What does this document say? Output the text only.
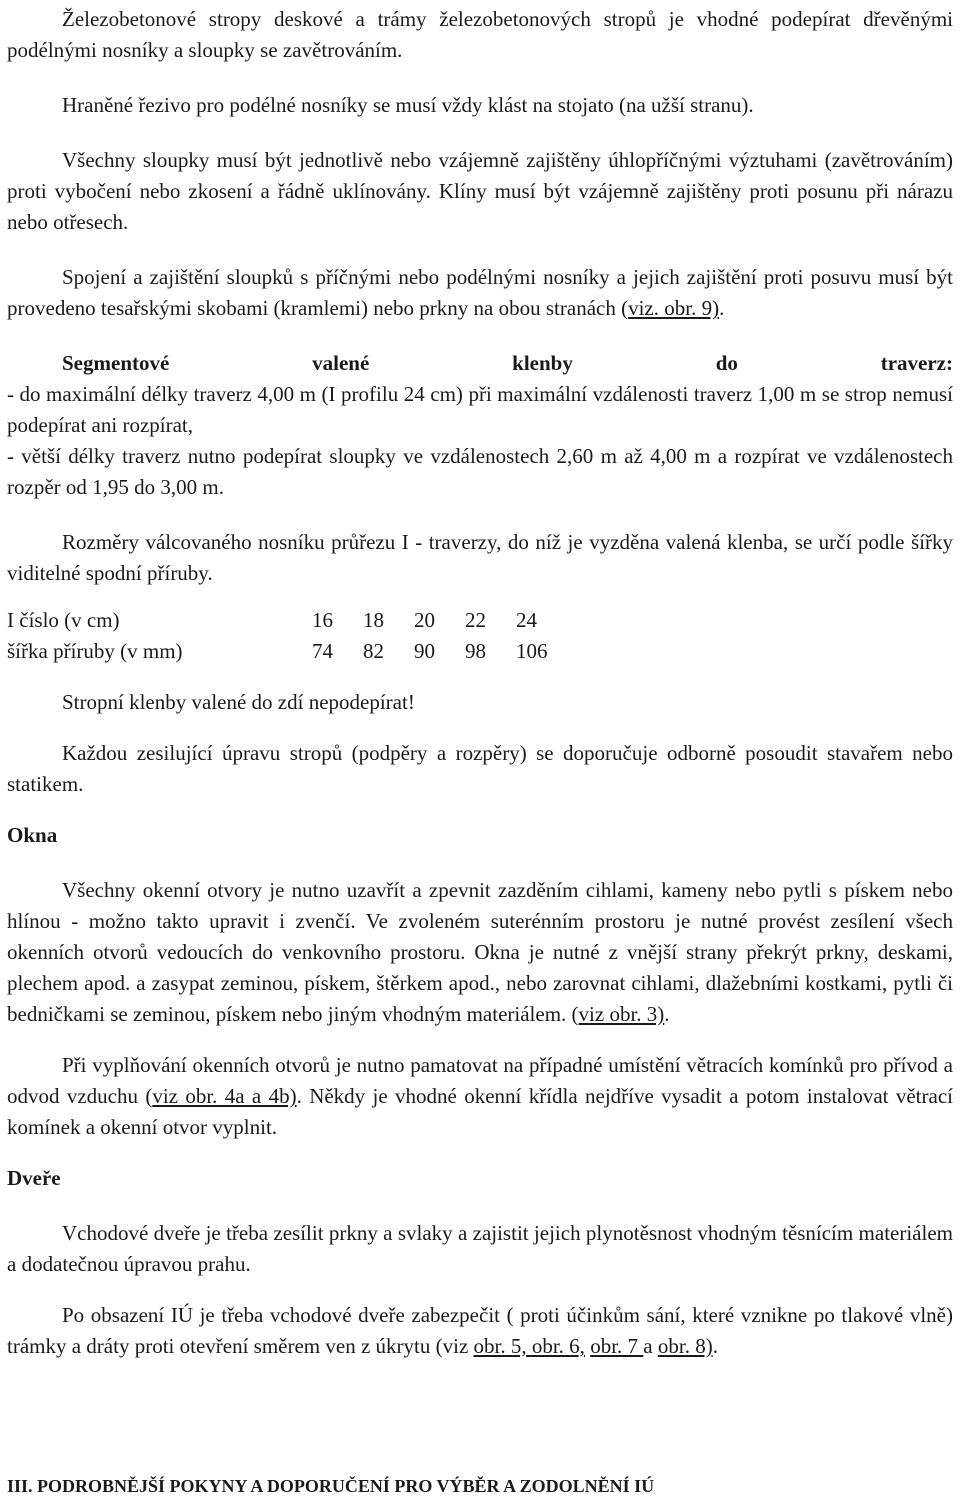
Železobetonové stropy deskové a trámy železobetonových stropů je vhodné podepírat dřevěnými podélnými nosníky a sloupky se zavětrováním.

Hraněné řezivo pro podélné nosníky se musí vždy klást na stojato (na užší stranu).

Všechny sloupky musí být jednotlivě nebo vzájemně zajištěny úhlopříčnými výztuhami (zavětrováním) proti vybočení nebo zkosení a řádně uklínovány. Klíny musí být vzájemně zajištěny proti posunu při nárazu nebo otřesech.

Spojení a zajištění sloupků s příčnými nebo podélnými nosníky a jejich zajištění proti posuvu musí být provedeno tesařskými skobami (kramlemi) nebo prkny na obou stranách (viz. obr. 9).

Segmentové valené klenby do traverz:

- do maximální délky traverz 4,00 m (I profilu 24 cm) při maximální vzdálenosti traverz 1,00 m se strop nemusí podepírat ani rozpírat,

- větší délky traverz nutno podepírat sloupky ve vzdálenostech 2,60 m až 4,00 m a rozpírat ve vzdálenostech rozpěr od 1,95 do 3,00 m.

Rozměry válcovaného nosníku průřezu I - traverzy, do níž je vyzděna valená klenba, se určí podle šířky viditelné spodní příruby.

I číslo (v cm)	16	18	20	22	24
šířka příruby (v mm)	74	82	90	98	106

Stropní klenby valené do zdí nepodepírat!

Každou zesilující úpravu stropů (podpěry a rozpěry) se doporučuje odborně posoudit stavařem nebo statikem.

Okna

Všechny okenní otvory je nutno uzavřít a zpevnit zazděním cihlami, kameny nebo pytli s pískem nebo hlínou - možno takto upravit i zvenčí. Ve zvoleném suterénním prostoru je nutné provést zesílení všech okenních otvorů vedoucích do venkovního prostoru. Okna je nutné z vnější strany překrýt prkny, deskami, plechem apod. a zasypat zeminou, pískem, štěrkem apod., nebo zarovnat cihlami, dlažebními kostkami, pytli či bedničkami se zeminou, pískem nebo jiným vhodným materiálem. (viz obr. 3).

Při vyplňování okenních otvorů je nutno pamatovat na případné umístění větracích komínků pro přívod a odvod vzduchu (viz obr. 4a a 4b). Někdy je vhodné okenní křídla nejdříve vysadit a potom instalovat větrací komínek a okenní otvor vyplnit.

Dveře

Vchodové dveře je třeba zesílit prkny a svlaky a zajistit jejich plynotěsnost vhodným těsnícím materiálem a dodatečnou úpravou prahu.

Po obsazení IÚ je třeba vchodové dveře zabezpečit ( proti účinkům sání, které vznikne po tlakové vlně) trámky a dráty proti otevření směrem ven z úkrytu (viz obr. 5, obr. 6, obr. 7 a obr. 8).

III. PODROBNĚJŠÍ POKYNY A DOPORUČENÍ PRO VÝBĚR A ZODOLNĚNÍ IÚ
